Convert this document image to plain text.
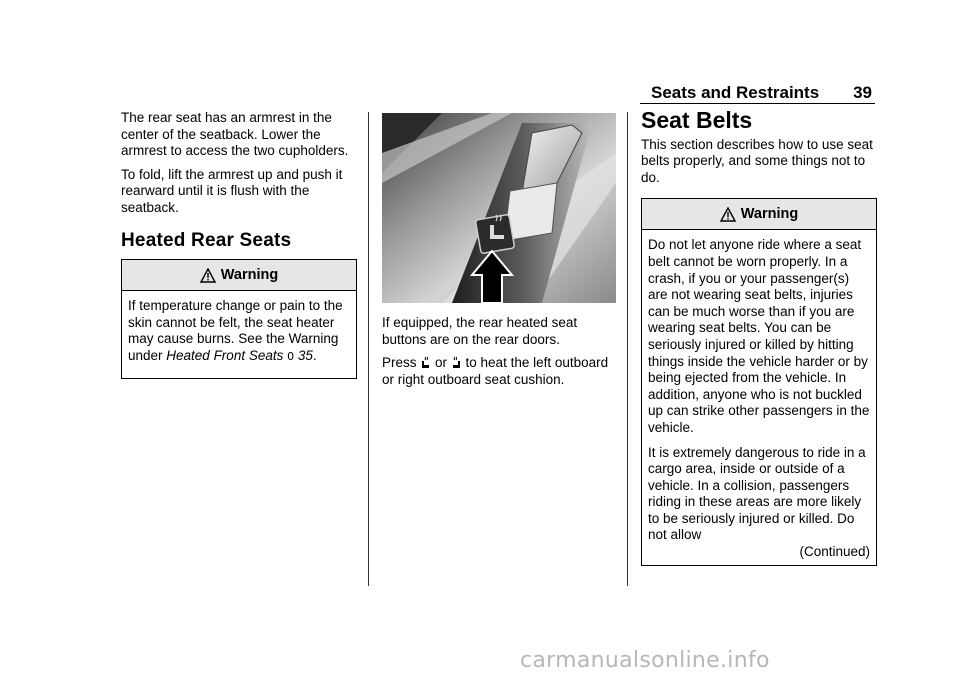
Seats and Restraints 39

The rear seat has an armrest in the center of the seatback. Lower the armrest to access the two cupholders.

To fold, lift the armrest up and push it rearward until it is flush with the seatback.

Heated Rear Seats
Warning

If temperature change or pain to the skin cannot be felt, the seat heater may cause burns. See the Warning under Heated Front Seats 0 35.

If equipped, the rear heated seat buttons are on the rear doors.

Press  or  to heat the left outboard or right outboard seat cushion.

Seat Belts

This section describes how to use seat belts properly, and some things not to do.

Warning

Do not let anyone ride where a seat belt cannot be worn properly. In a crash, if you or your passenger(s) are not wearing seat belts, injuries can be much worse than if you are wearing seat belts. You can be seriously injured or killed by hitting things inside the vehicle harder or by being ejected from the vehicle. In addition, anyone who is not buckled up can strike other passengers in the vehicle.

It is extremely dangerous to ride in a cargo area, inside or outside of a vehicle. In a collision, passengers riding in these areas are more likely to be seriously injured or killed. Do not allow

(Continued)
carmanualsonline.info
